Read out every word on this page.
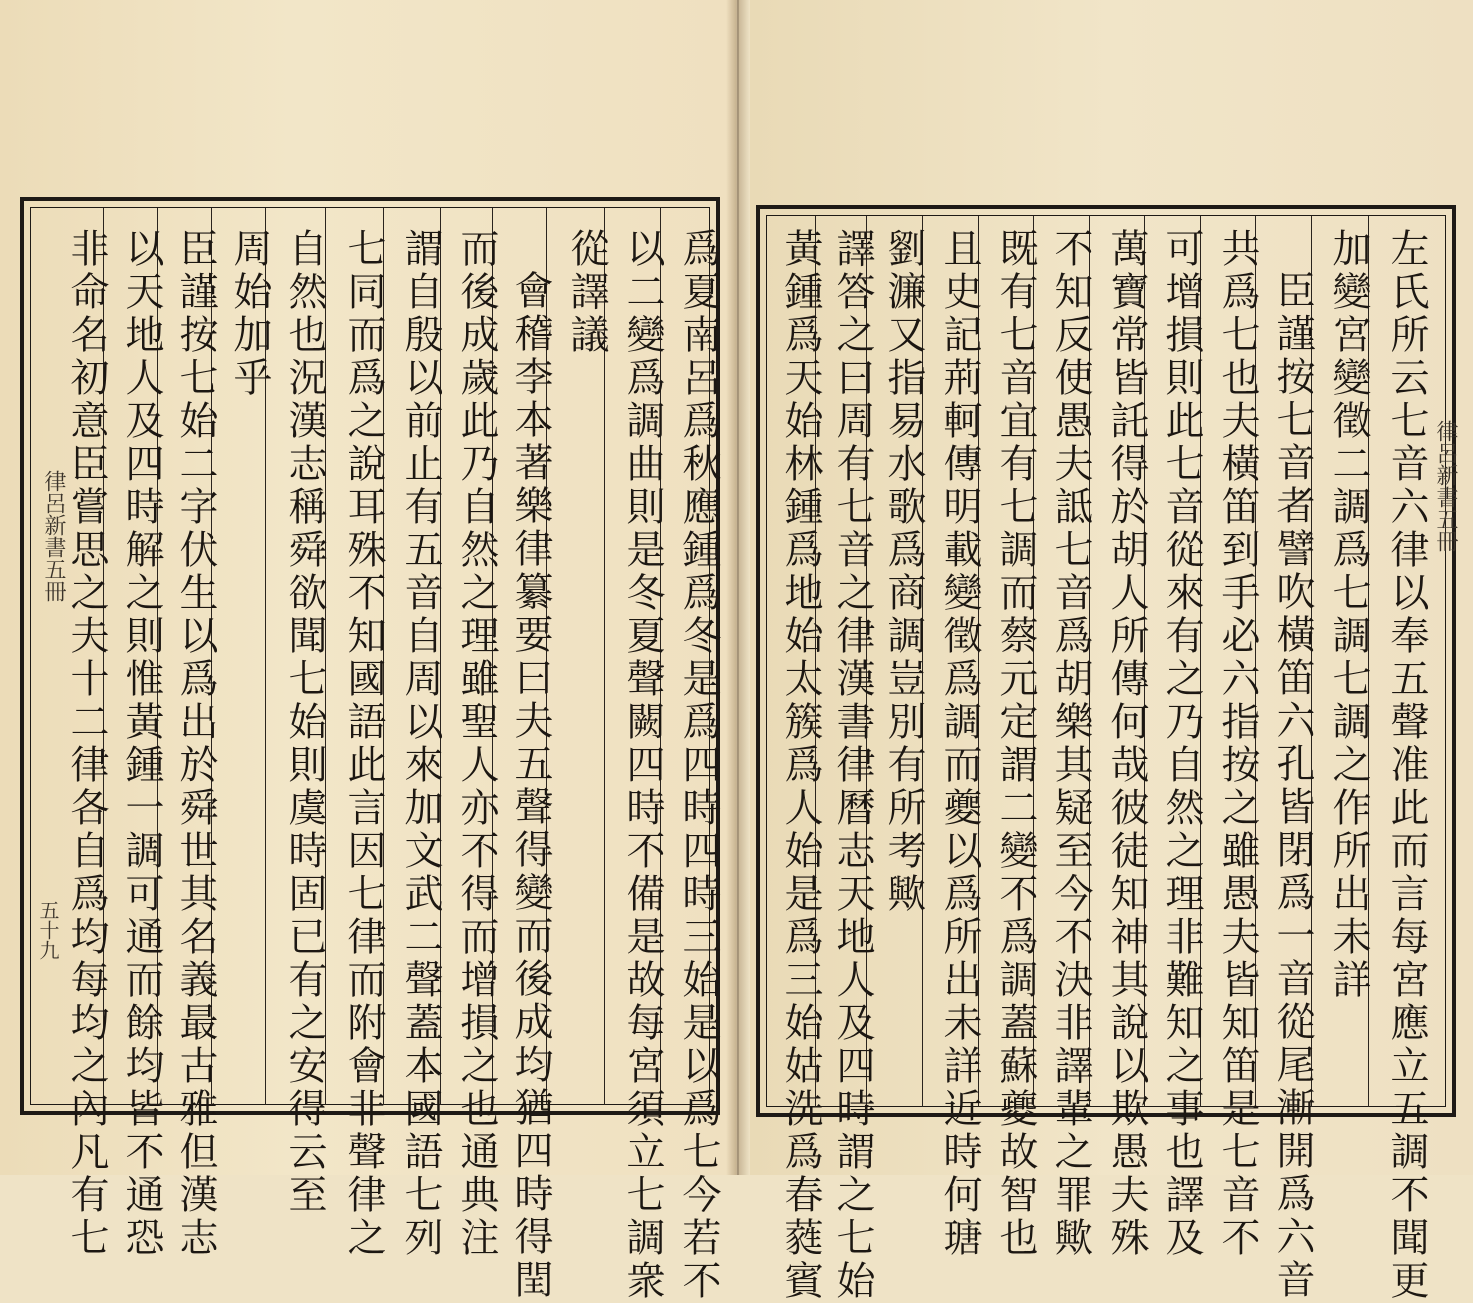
律呂新書五冊
五十九	爲夏南呂爲秋應鍾爲冬是爲四時四時三始是以爲七今若不
以二變爲調曲則是冬夏聲闕四時不備是故每宮須立七調衆
從譯議
會稽李本著樂律纂要曰夫五聲得變而後成均猶四時得閏
而後成歲此乃自然之理雖聖人亦不得而增損之也通典注
謂自殷以前止有五音自周以來加文武二聲蓋本國語七列
七同而爲之說耳殊不知國語此言因七律而附會非聲律之
自然也況漢志稱舜欲聞七始則虞時固已有之安得云至
周始加乎
臣謹按七始二字伏生以爲出於舜世其名義最古雅但漢志
以天地人及四時解之則惟黃鍾一調可通而餘均皆不通恐
非命名初意臣嘗思之夫十二律各自爲均每均之內凡有七	律呂新書五冊
左氏所云七音六律以奉五聲准此而言每宮應立五調不聞更
加變宮變徵二調爲七調七調之作所出未詳
臣謹按七音者譬吹橫笛六孔皆閉爲一音從尾漸開爲六音
共爲七也夫橫笛到手必六指按之雖愚夫皆知笛是七音不
可增損則此七音從來有之乃自然之理非難知之事也譯及
萬寶常皆託得於胡人所傳何哉彼徒知神其說以欺愚夫殊
不知反使愚夫詆七音爲胡樂其疑至今不決非譯輩之罪歟
既有七音宜有七調而蔡元定謂二變不爲調蓋蘇夔故智也
且史記荊軻傳明載變徵爲調而夔以爲所出未詳近時何瑭
劉濂又指易水歌爲商調豈別有所考歟
譯答之曰周有七音之律漢書律曆志天地人及四時謂之七始
黃鍾爲天始林鍾爲地始太簇爲人始是爲三始姑洗爲春蕤賓
